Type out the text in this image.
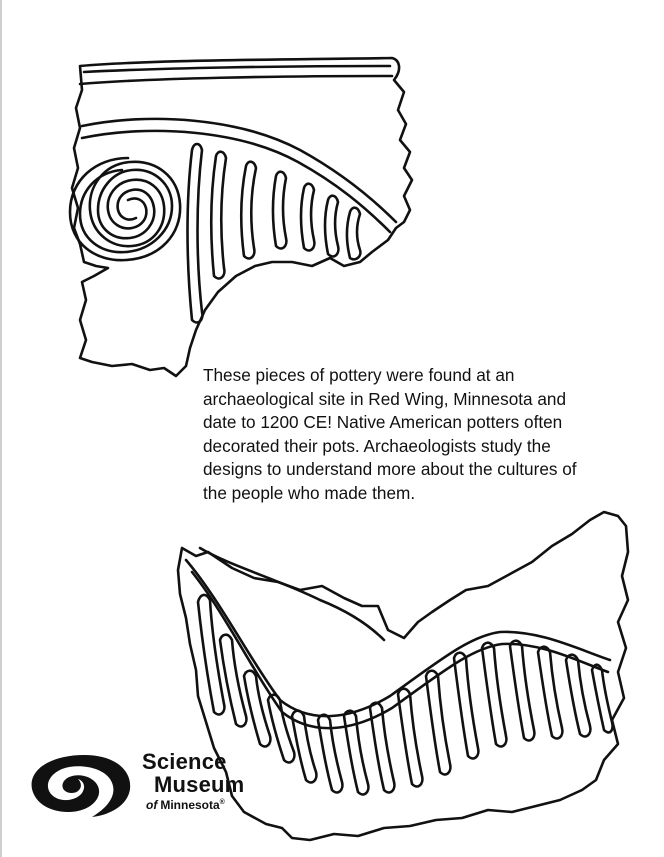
These pieces of pottery were found at an
archaeological site in Red Wing, Minnesota and
date to 1200 CE! Native American potters often
decorated their pots. Archaeologists study the
designs to understand more about the cultures of
the people who made them.

Science
Museum
of Minnesota®
